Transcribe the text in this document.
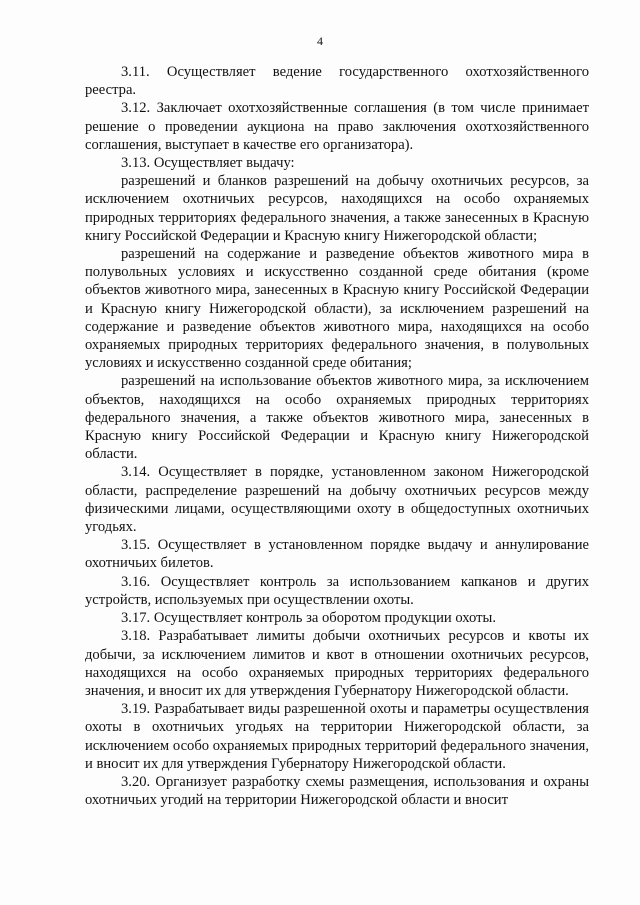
4

3.11. Осуществляет ведение государственного охотхозяйственного реестра.

3.12. Заключает охотхозяйственные соглашения (в том числе принимает решение о проведении аукциона на право заключения охотхозяйственного соглашения, выступает в качестве его организатора).

3.13. Осуществляет выдачу:

разрешений и бланков разрешений на добычу охотничьих ресурсов, за исключением охотничьих ресурсов, находящихся на особо охраняемых природных территориях федерального значения, а также занесенных в Красную книгу Российской Федерации и Красную книгу Нижегородской области;

разрешений на содержание и разведение объектов животного мира в полувольных условиях и искусственно созданной среде обитания (кроме объектов животного мира, занесенных в Красную книгу Российской Федерации и Красную книгу Нижегородской области), за исключением разрешений на содержание и разведение объектов животного мира, находящихся на особо охраняемых природных территориях федерального значения, в полувольных условиях и искусственно созданной среде обитания;

разрешений на использование объектов животного мира, за исключением объектов, находящихся на особо охраняемых природных территориях федерального значения, а также объектов животного мира, занесенных в Красную книгу Российской Федерации и Красную книгу Нижегородской области.

3.14. Осуществляет в порядке, установленном законом Нижегородской области, распределение разрешений на добычу охотничьих ресурсов между физическими лицами, осуществляющими охоту в общедоступных охотничьих угодьях.

3.15. Осуществляет в установленном порядке выдачу и аннулирование охотничьих билетов.

3.16. Осуществляет контроль за использованием капканов и других устройств, используемых при осуществлении охоты.

3.17. Осуществляет контроль за оборотом продукции охоты.

3.18. Разрабатывает лимиты добычи охотничьих ресурсов и квоты их добычи, за исключением лимитов и квот в отношении охотничьих ресурсов, находящихся на особо охраняемых природных территориях федерального значения, и вносит их для утверждения Губернатору Нижегородской области.

3.19. Разрабатывает виды разрешенной охоты и параметры осуществления охоты в охотничьих угодьях на территории Нижегородской области, за исключением особо охраняемых природных территорий федерального значения, и вносит их для утверждения Губернатору Нижегородской области.

3.20. Организует разработку схемы размещения, использования и охраны охотничьих угодий на территории Нижегородской области и вносит
